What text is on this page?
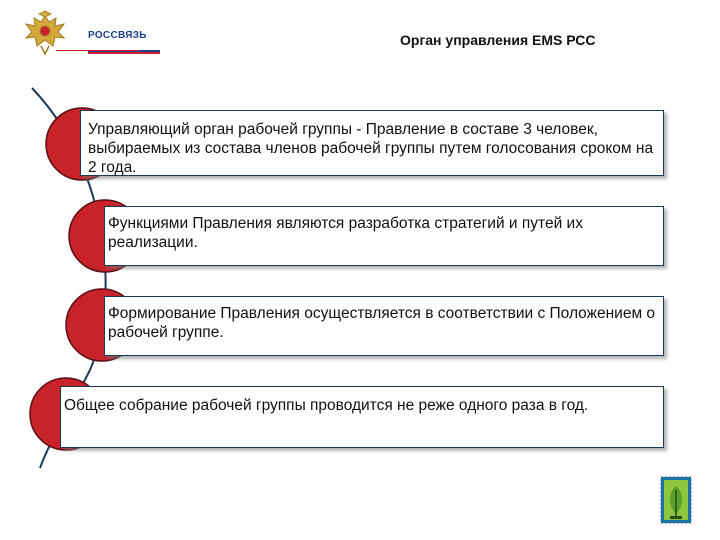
РОССВЯЗЬ	Орган управления EMS РСС
Управляющий орган рабочей группы - Правление в составе 3 человек, выбираемых из состава членов рабочей группы путем голосования сроком на 2 года.
Функциями Правления являются разработка стратегий и путей их реализации.
Формирование Правления осуществляется в соответствии с Положением о рабочей группе.
Общее собрание рабочей группы проводится не реже одного раза в год.
